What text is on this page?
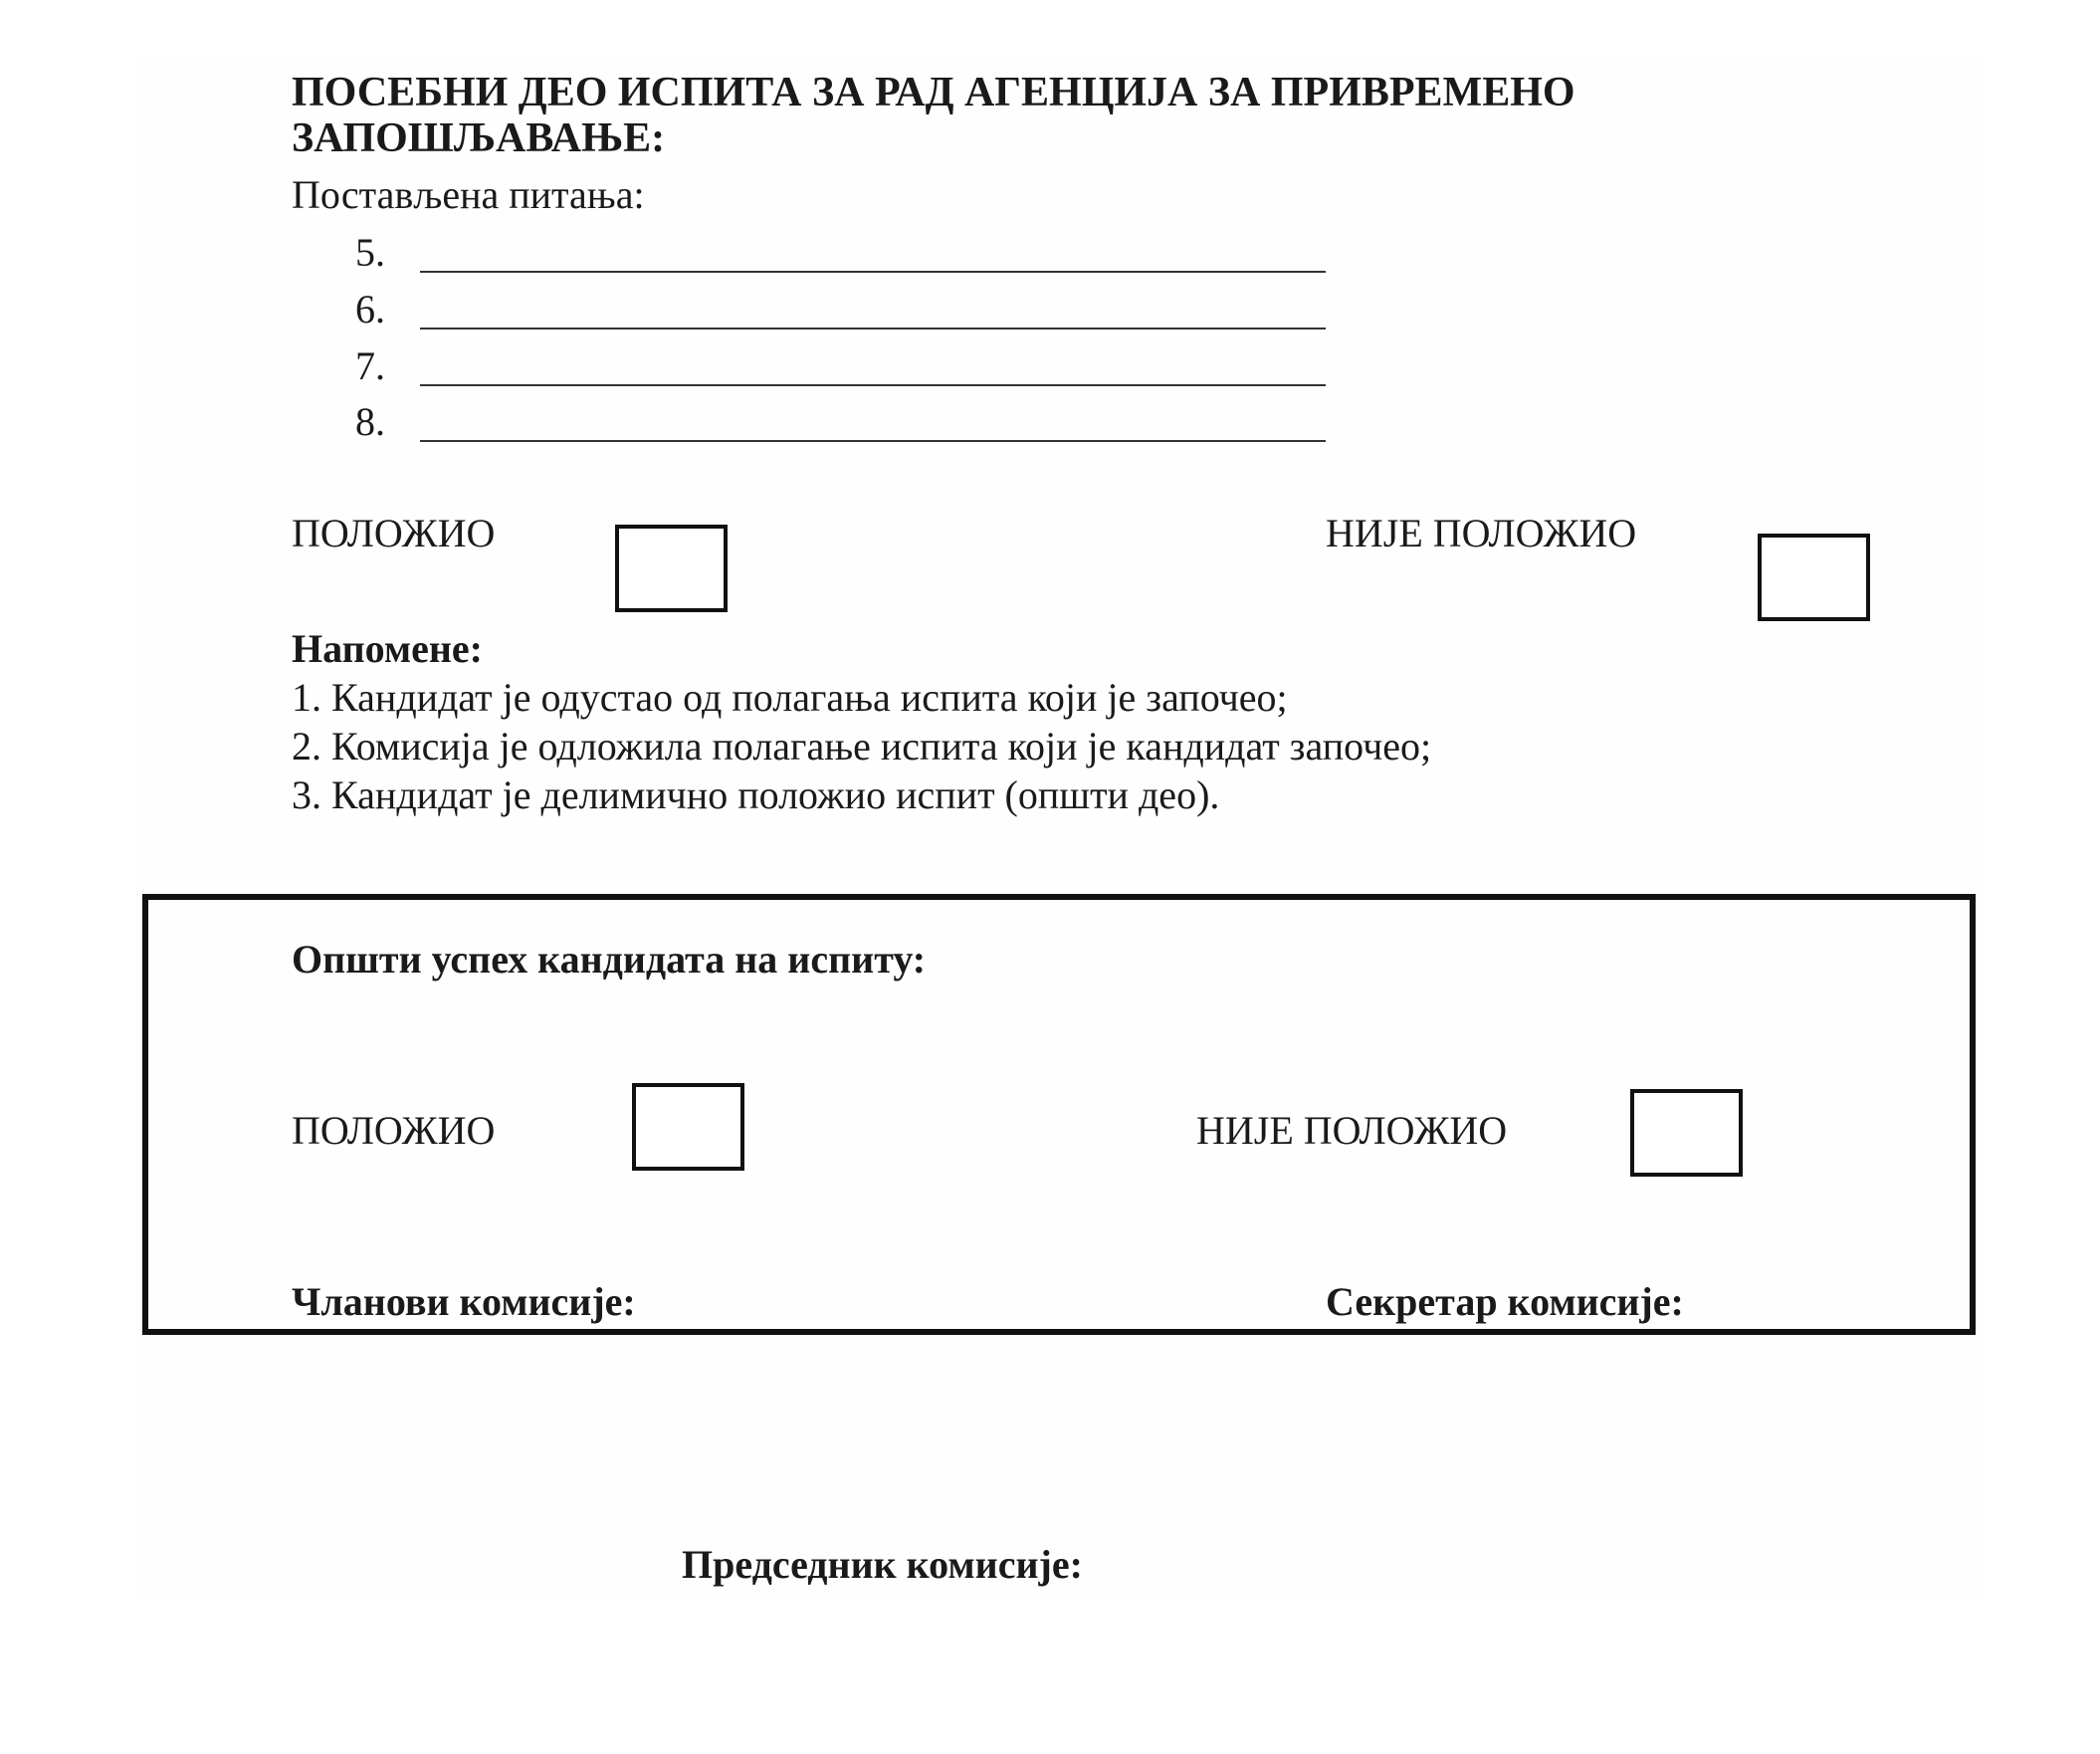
ПОСЕБНИ ДЕО ИСПИТА ЗА РАД АГЕНЦИЈА ЗА ПРИВРЕМЕНО ЗАПОШЉАВАЊЕ:
Постављена питања:
5.
6.
7.
8.
ПОЛОЖИО	НИЈЕ ПОЛОЖИО
Напомене:
1. Кандидат је одустао од полагања испита који је започео;
2. Комисија је одложила полагање испита који је кандидат започео;
3. Кандидат је делимично положио испит (општи део).
Општи успех кандидата на испиту:
ПОЛОЖИО	НИЈЕ ПОЛОЖИО
Чланови комисије:	Секретар комисије:
Председник комисије:
